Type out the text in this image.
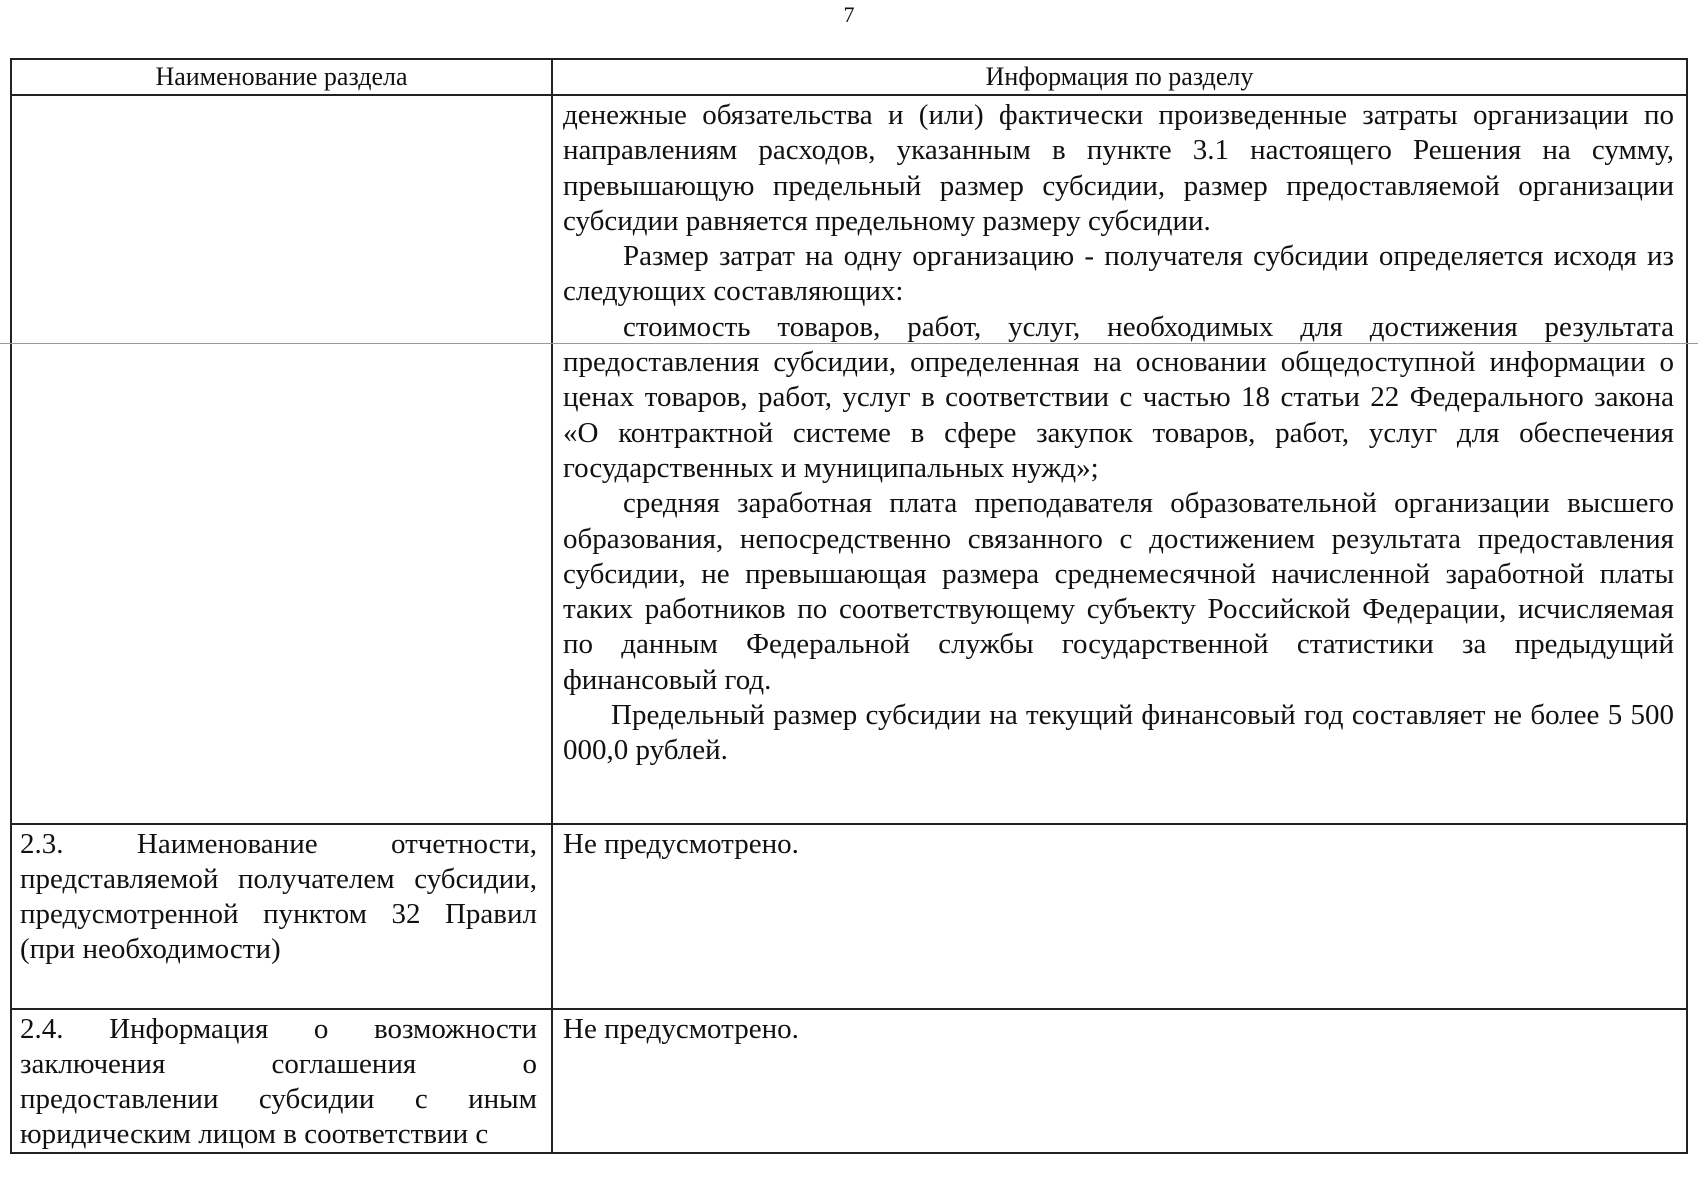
7
Наименование раздела	Информация по разделу

	денежные обязательства и (или) фактически произведенные затраты организации по направлениям расходов, указанным в пункте 3.1 настоящего Решения на сумму, превышающую предельный размер субсидии, размер предоставляемой организации субсидии равняется предельному размеру субсидии.

Размер затрат на одну организацию - получателя субсидии определяется исходя из следующих составляющих:

стоимость товаров, работ, услуг, необходимых для достижения результата предоставления субсидии, определенная на основании общедоступной информации о ценах товаров, работ, услуг в соответствии с частью 18 статьи 22 Федерального закона «О контрактной системе в сфере закупок товаров, работ, услуг для обеспечения государственных и муниципальных нужд»;

средняя заработная плата преподавателя образовательной организации высшего образования, непосредственно связанного с достижением результата предоставления субсидии, не превышающая размера среднемесячной начисленной заработной платы таких работников по соответствующему субъекту Российской Федерации, исчисляемая по данным Федеральной службы государственной статистики за предыдущий финансовый год.

Предельный размер субсидии на текущий финансовый год составляет не более 5 500 000,0 рублей.

2.3. Наименование отчетности, представляемой получателем субсидии, предусмотренной пунктом 32 Правил (при необходимости)	Не предусмотрено.
2.4. Информация о возможности заключения соглашения о предоставлении субсидии с иным юридическим лицом в соответствии с	Не предусмотрено.
